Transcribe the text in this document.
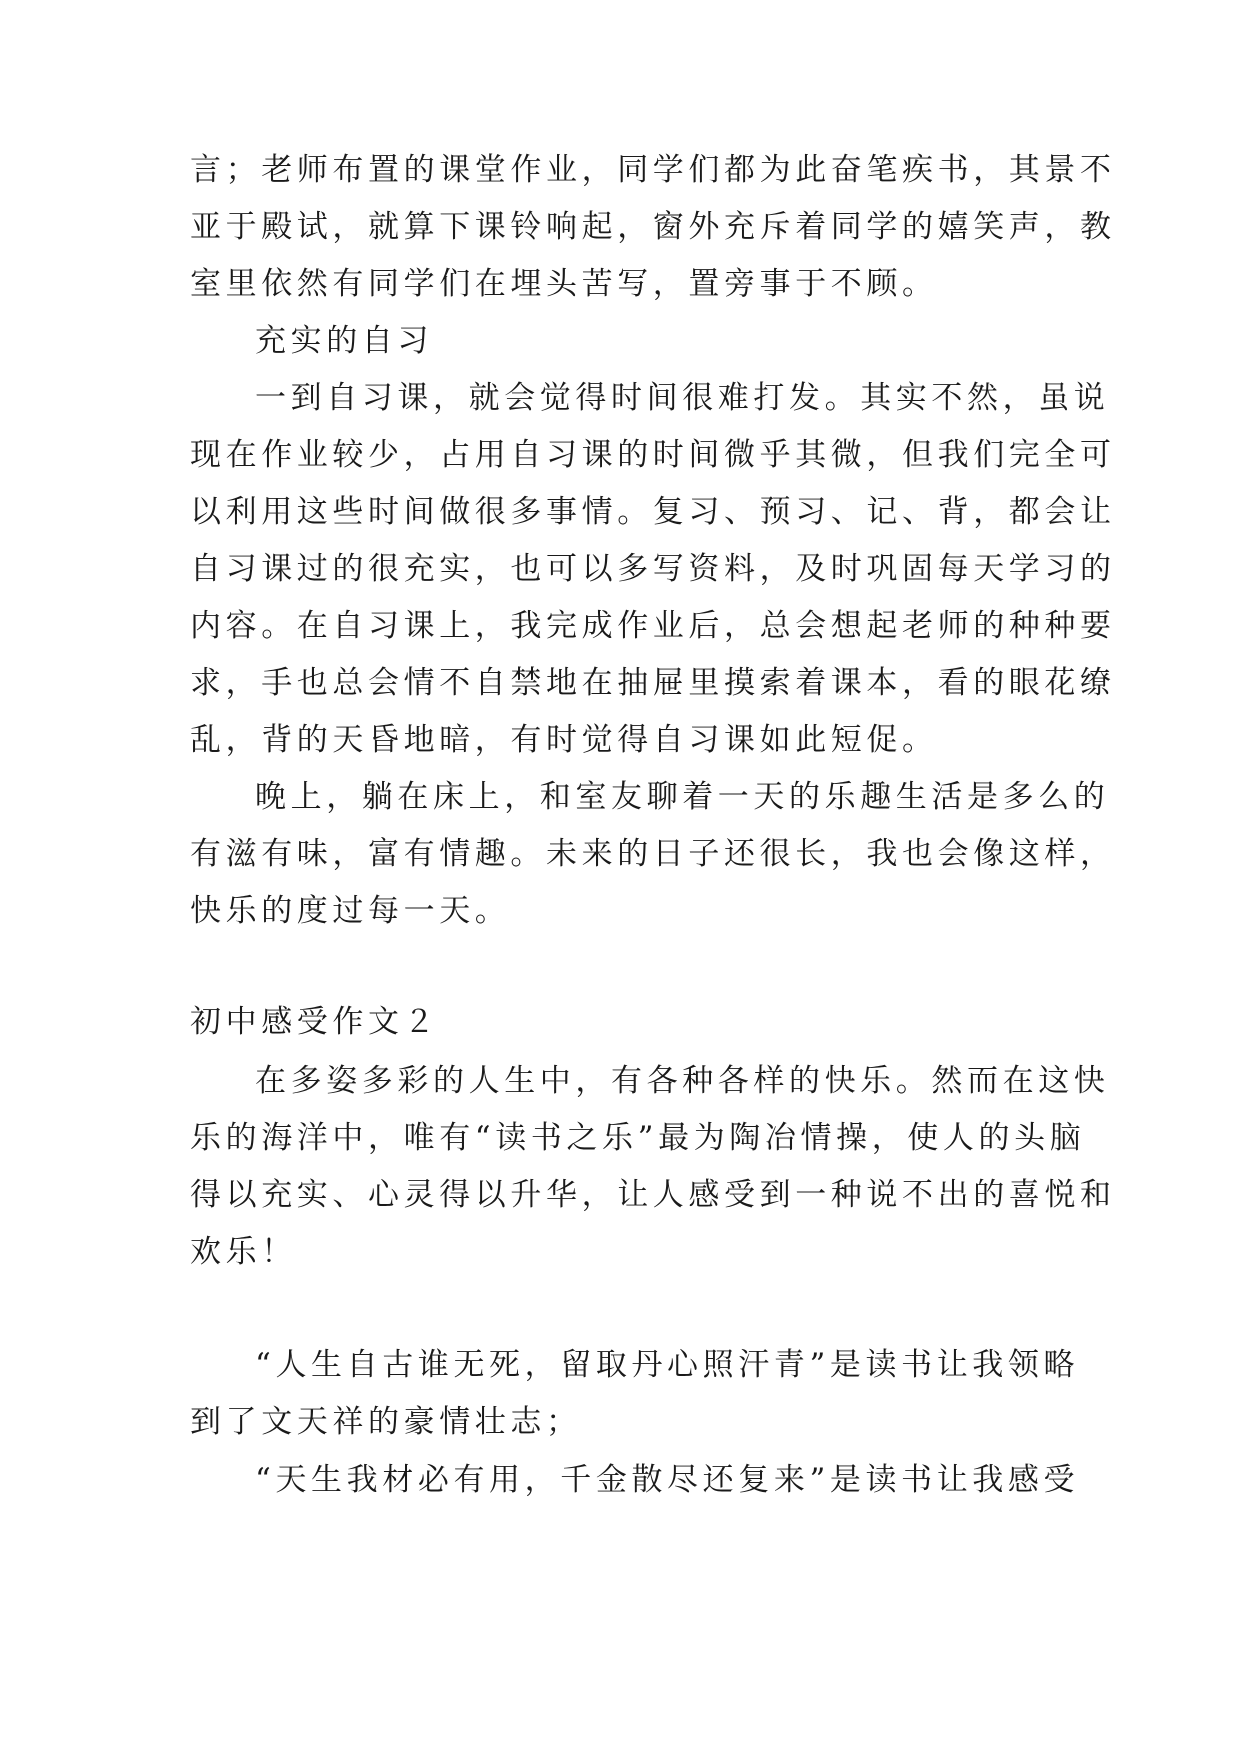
言；老师布置的课堂作业，同学们都为此奋笔疾书，其景不

亚于殿试，就算下课铃响起，窗外充斥着同学的嬉笑声，教

室里依然有同学们在埋头苦写，置旁事于不顾。

充实的自习

一到自习课，就会觉得时间很难打发。其实不然，虽说

现在作业较少，占用自习课的时间微乎其微，但我们完全可

以利用这些时间做很多事情。复习、预习、记、背，都会让

自习课过的很充实，也可以多写资料，及时巩固每天学习的

内容。在自习课上，我完成作业后，总会想起老师的种种要

求，手也总会情不自禁地在抽屉里摸索着课本，看的眼花缭

乱，背的天昏地暗，有时觉得自习课如此短促。

晚上，躺在床上，和室友聊着一天的乐趣生活是多么的

有滋有味，富有情趣。未来的日子还很长，我也会像这样，

快乐的度过每一天。

初中感受作文２

在多姿多彩的人生中，有各种各样的快乐。然而在这快

乐的海洋中，唯有“读书之乐”最为陶冶情操，使人的头脑

得以充实、心灵得以升华，让人感受到一种说不出的喜悦和

欢乐！

“人生自古谁无死，留取丹心照汗青”是读书让我领略

到了文天祥的豪情壮志；

“天生我材必有用，千金散尽还复来”是读书让我感受
